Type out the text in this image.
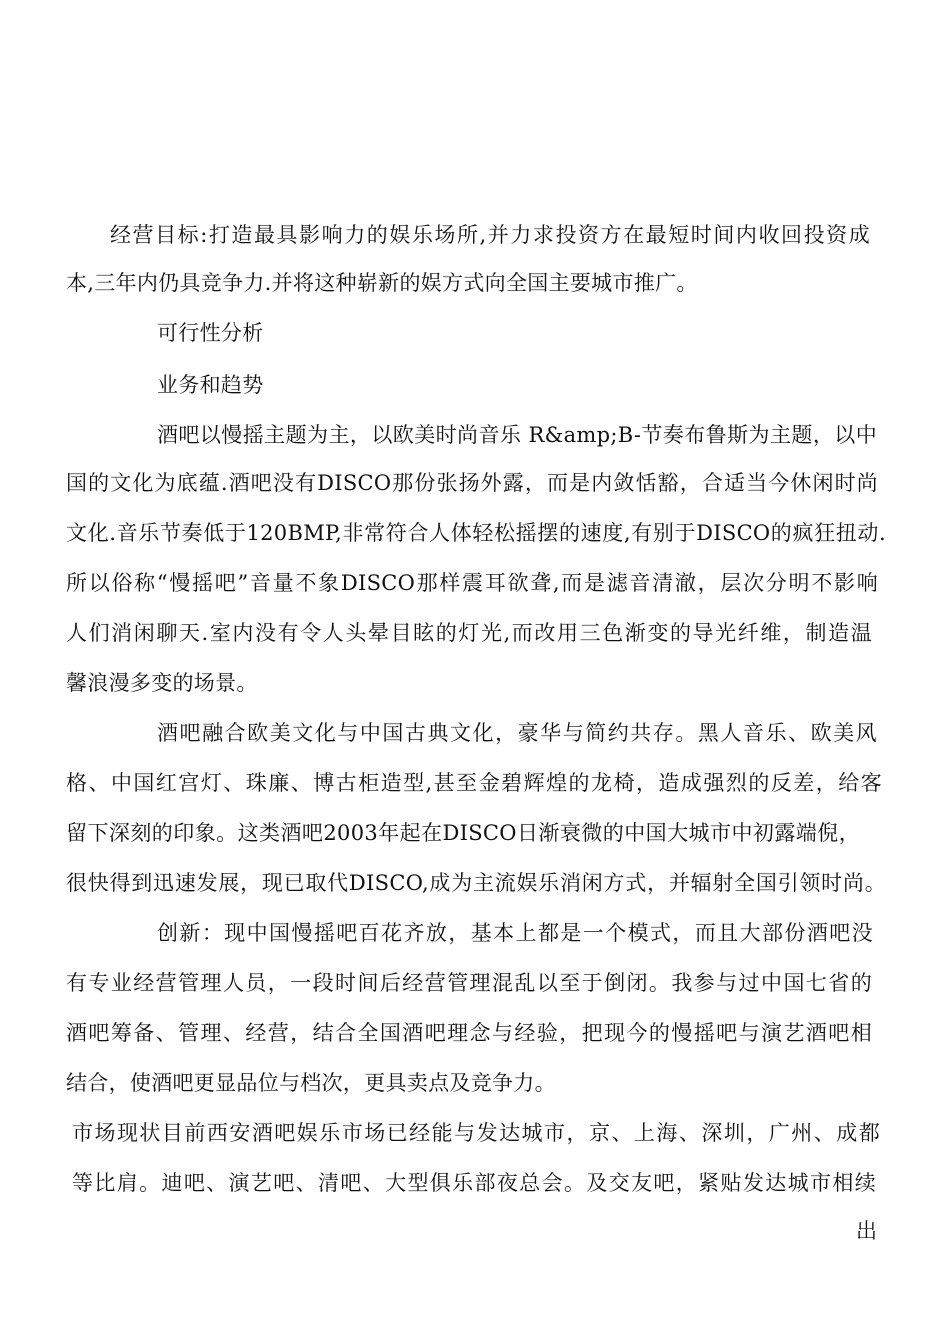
经营目标:打造最具影响力的娱乐场所,并力求投资方在最短时间内收回投资成
本,三年内仍具竞争力.并将这种崭新的娱方式向全国主要城市推广。
可行性分析
业务和趋势
酒吧以慢摇主题为主，以欧美时尚音乐 R&amp;B-节奏布鲁斯为主题，以中
国的文化为底蕴.酒吧没有DISCO那份张扬外露，而是内敛恬豁，合适当今休闲时尚
文化.音乐节奏低于120BMP,非常符合人体轻松摇摆的速度,有别于DISCO的疯狂扭动.
所以俗称“慢摇吧”音量不象DISCO那样震耳欲聋,而是滤音清澈，层次分明不影响
人们消闲聊天.室内没有令人头晕目眩的灯光,而改用三色渐变的导光纤维，制造温
馨浪漫多变的场景。
酒吧融合欧美文化与中国古典文化，豪华与简约共存。黑人音乐、欧美风
格、中国红宫灯、珠廉、博古柜造型,甚至金碧辉煌的龙椅，造成强烈的反差，给客
留下深刻的印象。这类酒吧2003年起在DISCO日渐衰微的中国大城市中初露端倪，
很快得到迅速发展，现已取代DISCO,成为主流娱乐消闲方式，并辐射全国引领时尚。
创新：现中国慢摇吧百花齐放，基本上都是一个模式，而且大部份酒吧没
有专业经营管理人员，一段时间后经营管理混乱以至于倒闭。我参与过中国七省的
酒吧筹备、管理、经营，结合全国酒吧理念与经验，把现今的慢摇吧与演艺酒吧相
结合，使酒吧更显品位与档次，更具卖点及竞争力。
市场现状目前西安酒吧娱乐市场已经能与发达城市，京、上海、深圳，广州、成都
等比肩。迪吧、演艺吧、清吧、大型俱乐部夜总会。及交友吧，紧贴发达城市相续
出
